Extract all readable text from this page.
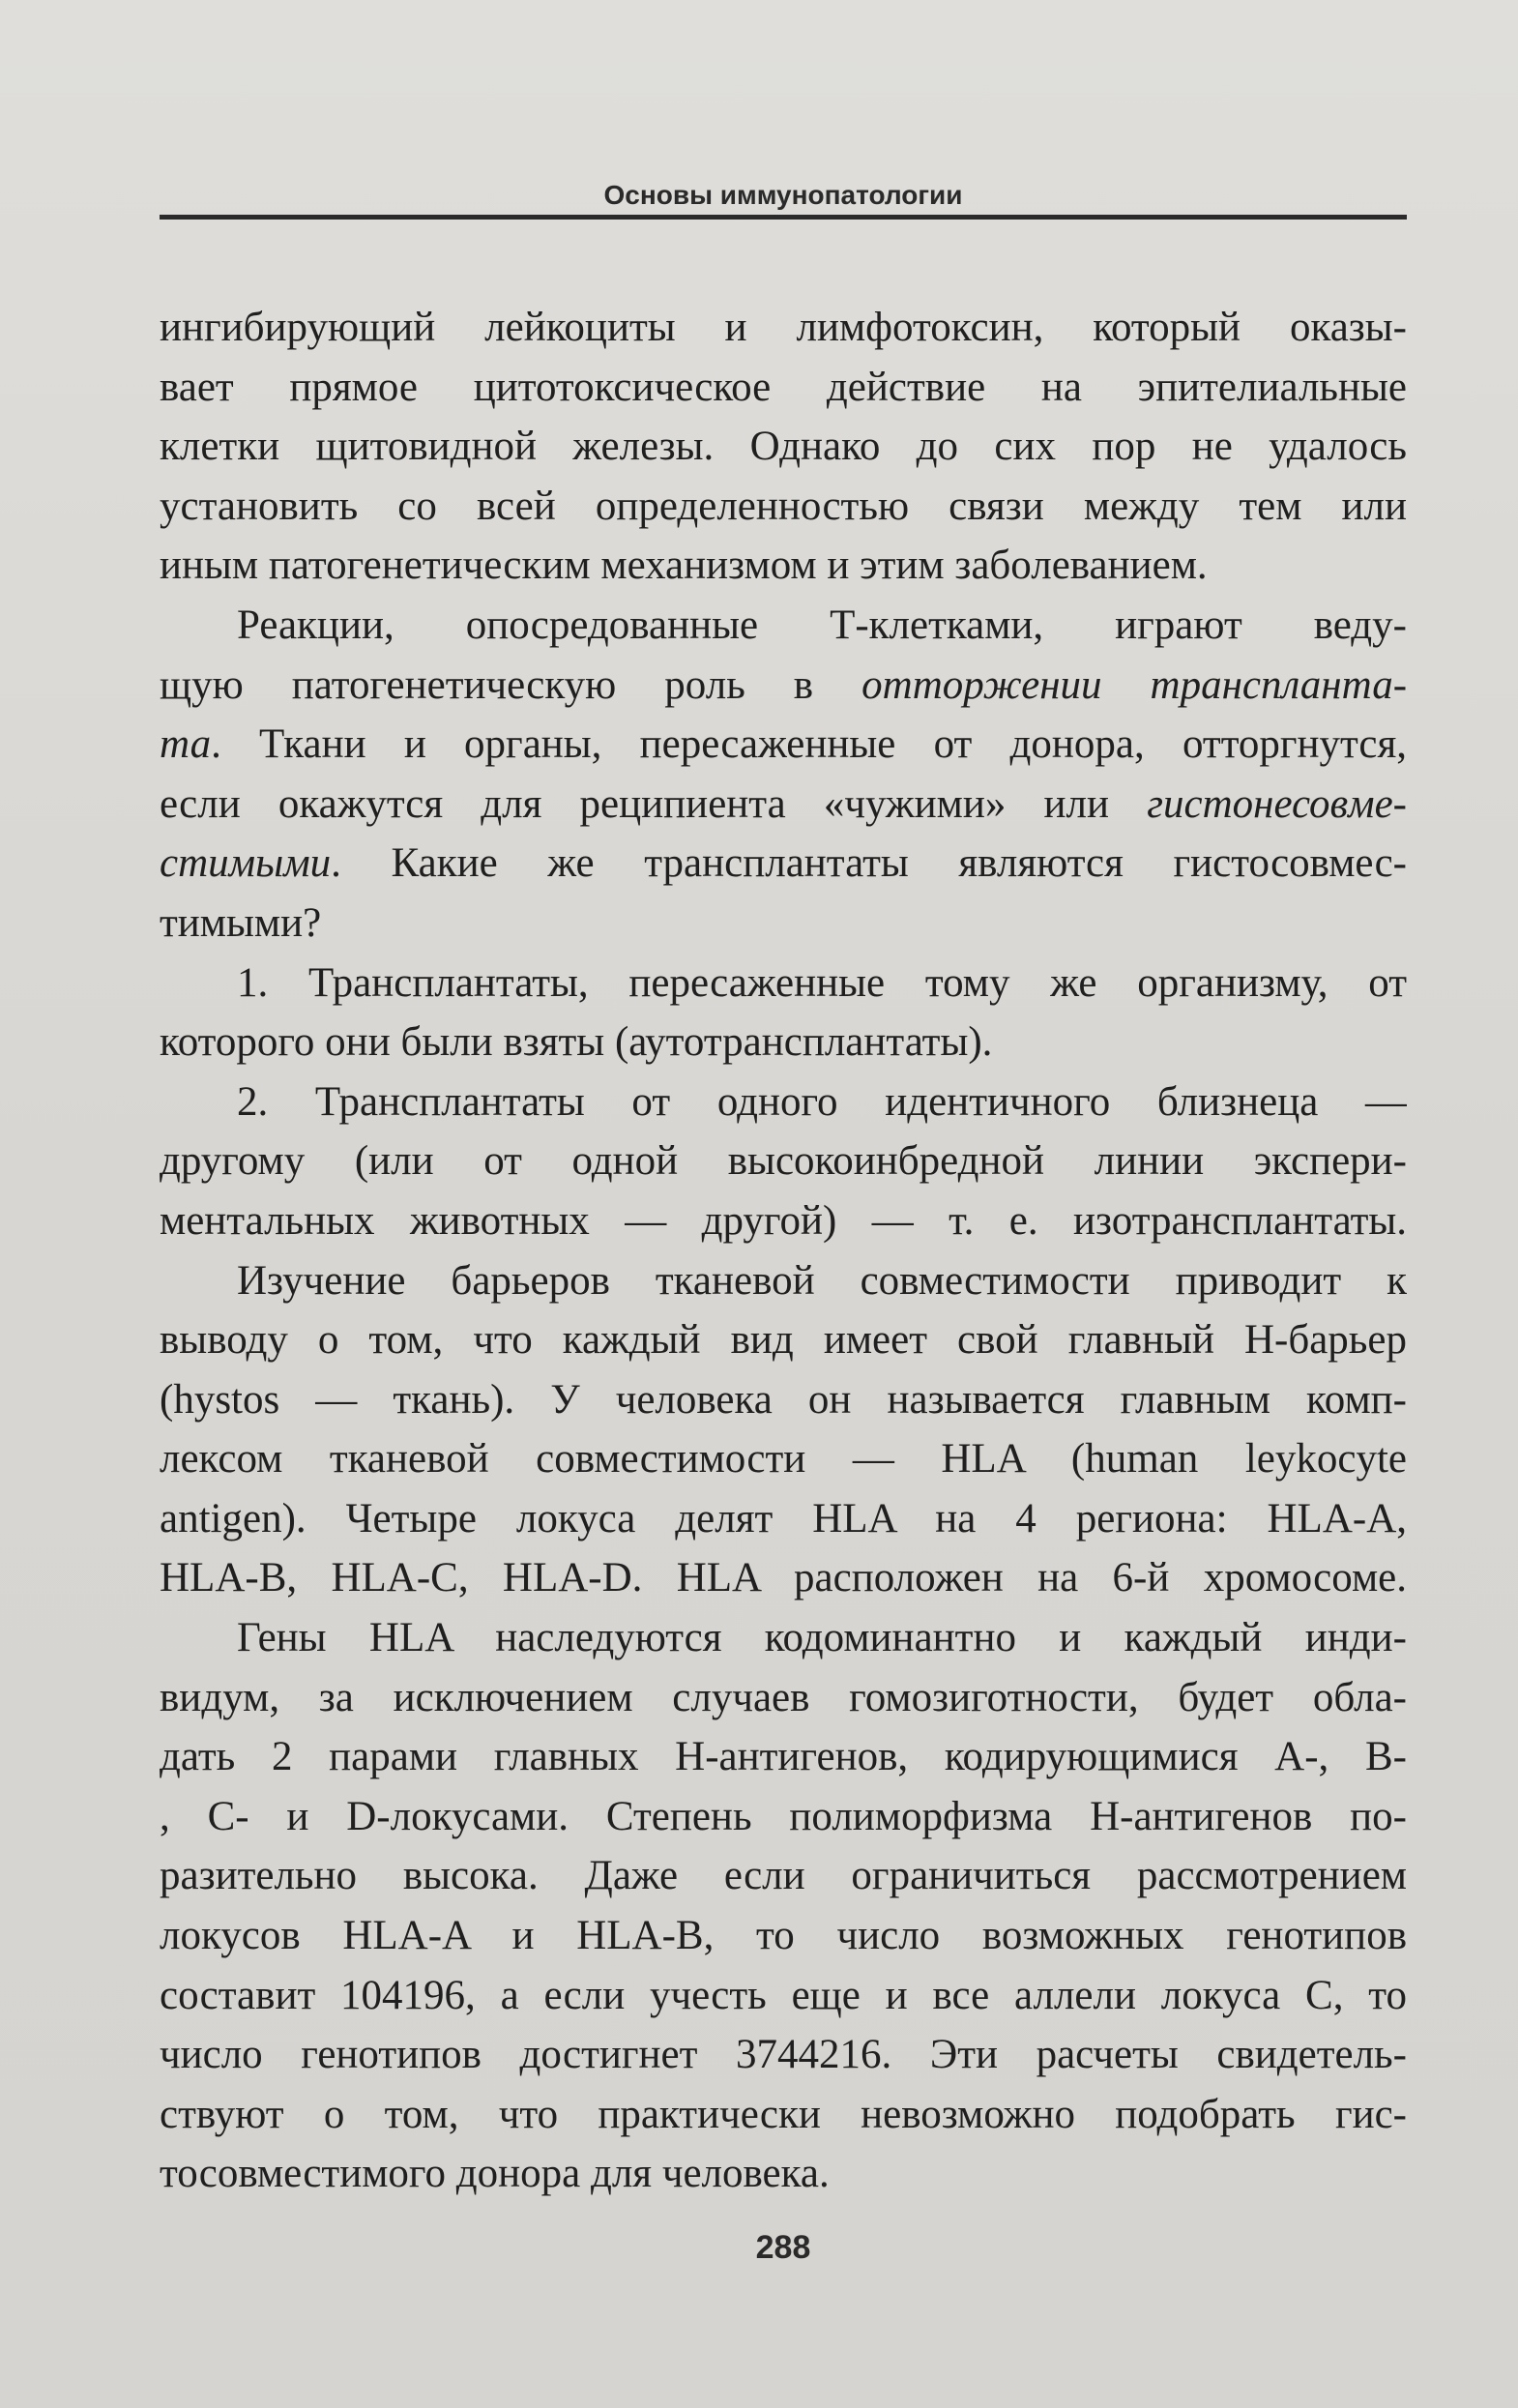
Основы иммунопатологии
ингибирующий лейкоциты и лимфотоксин, который оказы-
вает прямое цитотоксическое действие на эпителиальные
клетки щитовидной железы. Однако до сих пор не удалось
установить со всей определенностью связи между тем или
иным патогенетическим механизмом и этим заболеванием.
Реакции, опосредованные Т-клетками, играют веду-
щую патогенетическую роль в отторжении транспланта-
та. Ткани и органы, пересаженные от донора, отторгнутся,
если окажутся для реципиента «чужими» или гистонесовме-
стимыми. Какие же трансплантаты являются гистосовмес-
тимыми?
1. Трансплантаты, пересаженные тому же организму, от
которого они были взяты (аутотрансплантаты).
2. Трансплантаты от одного идентичного близнеца —
другому (или от одной высокоинбредной линии экспери-
ментальных животных — другой) — т. е. изотрансплантаты.
Изучение барьеров тканевой совместимости приводит к
выводу о том, что каждый вид имеет свой главный Н-барьер
(hystos — ткань). У человека он называется главным комп-
лексом тканевой совместимости — HLA (human leykocyte
antigen). Четыре локуса делят HLA на 4 региона: HLA-A,
HLA-B, HLA-C, HLA-D. HLA расположен на 6-й хромосоме.
Гены HLA наследуются кодоминантно и каждый инди-
видум, за исключением случаев гомозиготности, будет обла-
дать 2 парами главных Н-антигенов, кодирующимися А-, В-
, С- и D-локусами. Степень полиморфизма Н-антигенов по-
разительно высока. Даже если ограничиться рассмотрением
локусов HLA-A и HLA-B, то число возможных генотипов
составит 104196, а если учесть еще и все аллели локуса С, то
число генотипов достигнет 3744216. Эти расчеты свидетель-
ствуют о том, что практически невозможно подобрать гис-
тосовместимого донора для человека.
288
